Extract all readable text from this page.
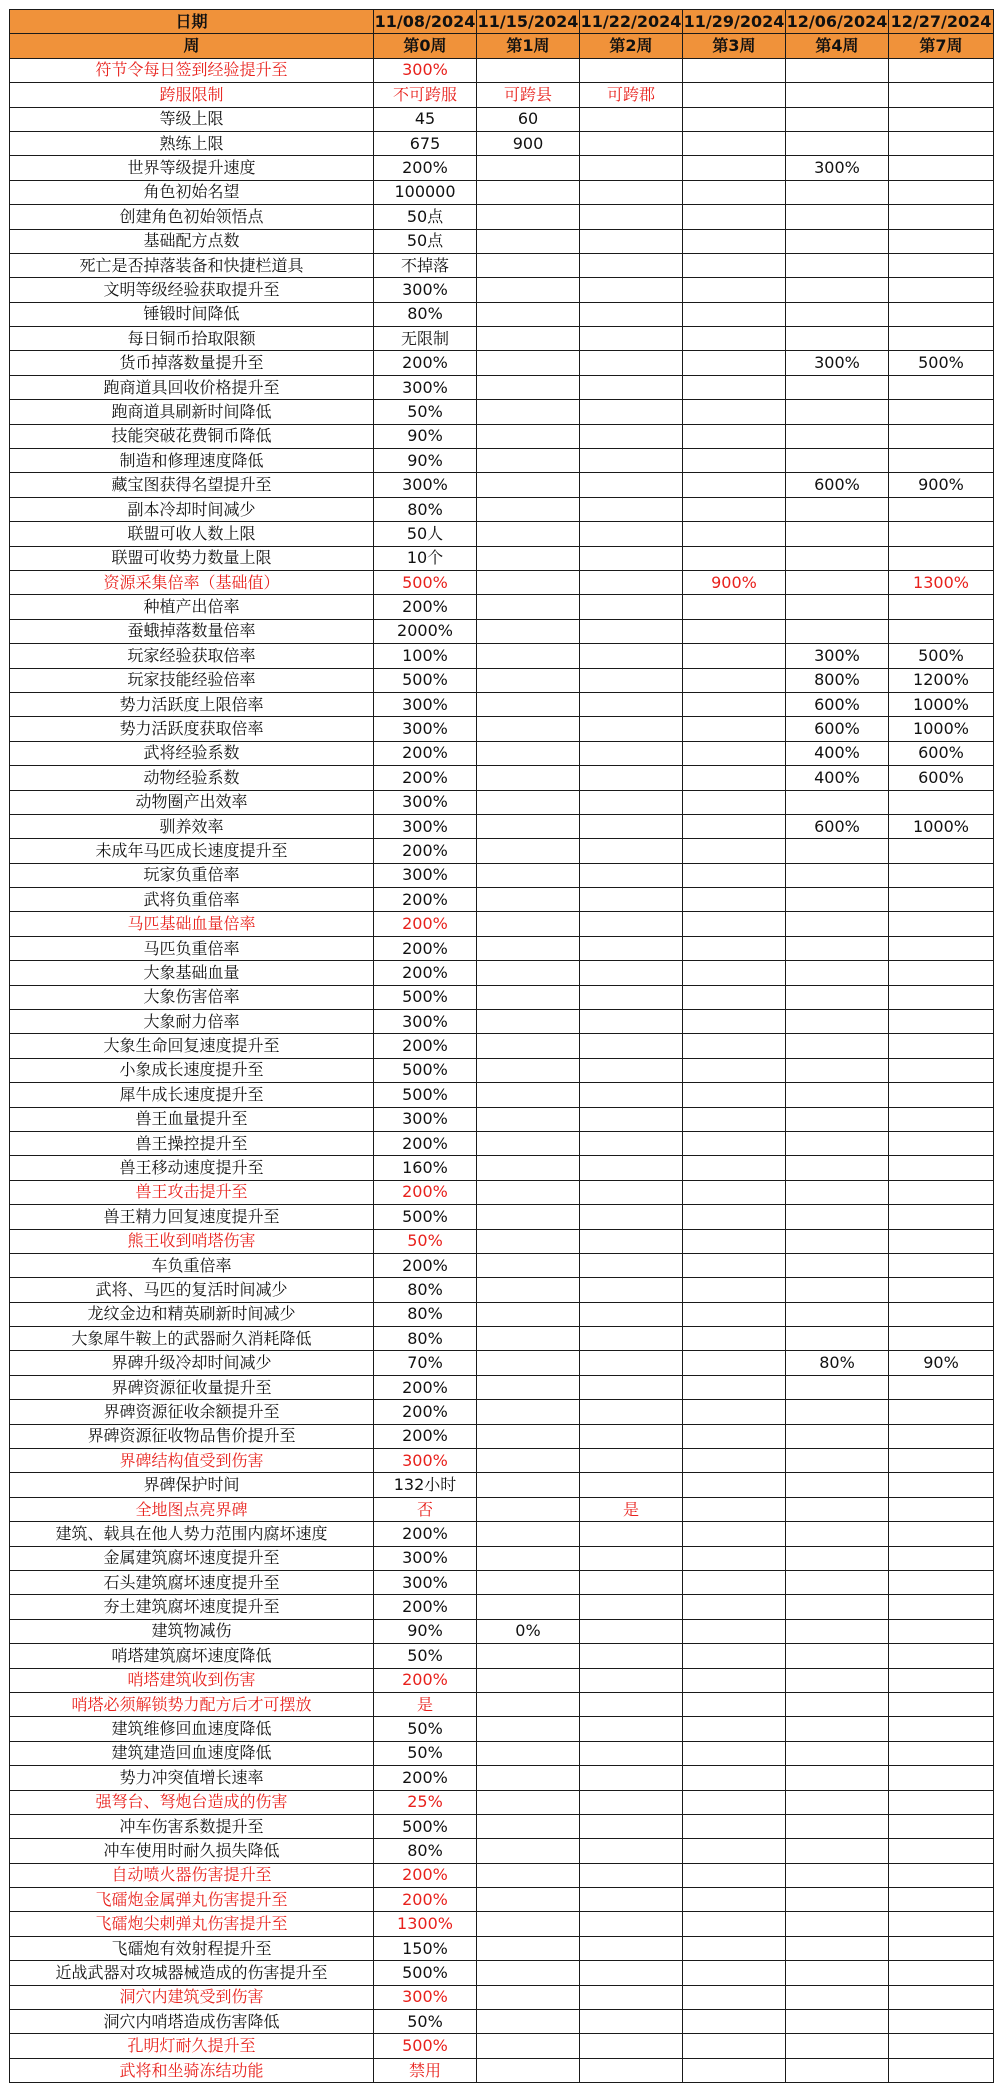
日期	11/08/2024	11/15/2024	11/22/2024	11/29/2024	12/06/2024	12/27/2024
周	第0周	第1周	第2周	第3周	第4周	第7周
符节令每日签到经验提升至	300%					
跨服限制	不可跨服	可跨县	可跨郡			
等级上限	45	60				
熟练上限	675	900				
世界等级提升速度	200%				300%	
角色初始名望	100000					
创建角色初始领悟点	50点					
基础配方点数	50点					
死亡是否掉落装备和快捷栏道具	不掉落					
文明等级经验获取提升至	300%					
锤锻时间降低	80%					
每日铜币拾取限额	无限制					
货币掉落数量提升至	200%				300%	500%
跑商道具回收价格提升至	300%					
跑商道具刷新时间降低	50%					
技能突破花费铜币降低	90%					
制造和修理速度降低	90%					
藏宝图获得名望提升至	300%				600%	900%
副本冷却时间减少	80%					
联盟可收人数上限	50人					
联盟可收势力数量上限	10个					
资源采集倍率（基础值）	500%			900%		1300%
种植产出倍率	200%					
蚕蛾掉落数量倍率	2000%					
玩家经验获取倍率	100%				300%	500%
玩家技能经验倍率	500%				800%	1200%
势力活跃度上限倍率	300%				600%	1000%
势力活跃度获取倍率	300%				600%	1000%
武将经验系数	200%				400%	600%
动物经验系数	200%				400%	600%
动物圈产出效率	300%					
驯养效率	300%				600%	1000%
未成年马匹成长速度提升至	200%					
玩家负重倍率	300%					
武将负重倍率	200%					
马匹基础血量倍率	200%					
马匹负重倍率	200%					
大象基础血量	200%					
大象伤害倍率	500%					
大象耐力倍率	300%					
大象生命回复速度提升至	200%					
小象成长速度提升至	500%					
犀牛成长速度提升至	500%					
兽王血量提升至	300%					
兽王操控提升至	200%					
兽王移动速度提升至	160%					
兽王攻击提升至	200%					
兽王精力回复速度提升至	500%					
熊王收到哨塔伤害	50%					
车负重倍率	200%					
武将、马匹的复活时间减少	80%					
龙纹金边和精英刷新时间减少	80%					
大象犀牛鞍上的武器耐久消耗降低	80%					
界碑升级冷却时间减少	70%				80%	90%
界碑资源征收量提升至	200%					
界碑资源征收余额提升至	200%					
界碑资源征收物品售价提升至	200%					
界碑结构值受到伤害	300%					
界碑保护时间	132小时					
全地图点亮界碑	否		是			
建筑、载具在他人势力范围内腐坏速度	200%					
金属建筑腐坏速度提升至	300%					
石头建筑腐坏速度提升至	300%					
夯土建筑腐坏速度提升至	200%					
建筑物减伤	90%	0%				
哨塔建筑腐坏速度降低	50%					
哨塔建筑收到伤害	200%					
哨塔必须解锁势力配方后才可摆放	是					
建筑维修回血速度降低	50%					
建筑建造回血速度降低	50%					
势力冲突值增长速率	200%					
强弩台、弩炮台造成的伤害	25%					
冲车伤害系数提升至	500%					
冲车使用时耐久损失降低	80%					
自动喷火器伤害提升至	200%					
飞礌炮金属弹丸伤害提升至	200%					
飞礌炮尖刺弹丸伤害提升至	1300%					
飞礌炮有效射程提升至	150%					
近战武器对攻城器械造成的伤害提升至	500%					
洞穴内建筑受到伤害	300%					
洞穴内哨塔造成伤害降低	50%					
孔明灯耐久提升至	500%					
武将和坐骑冻结功能	禁用					
